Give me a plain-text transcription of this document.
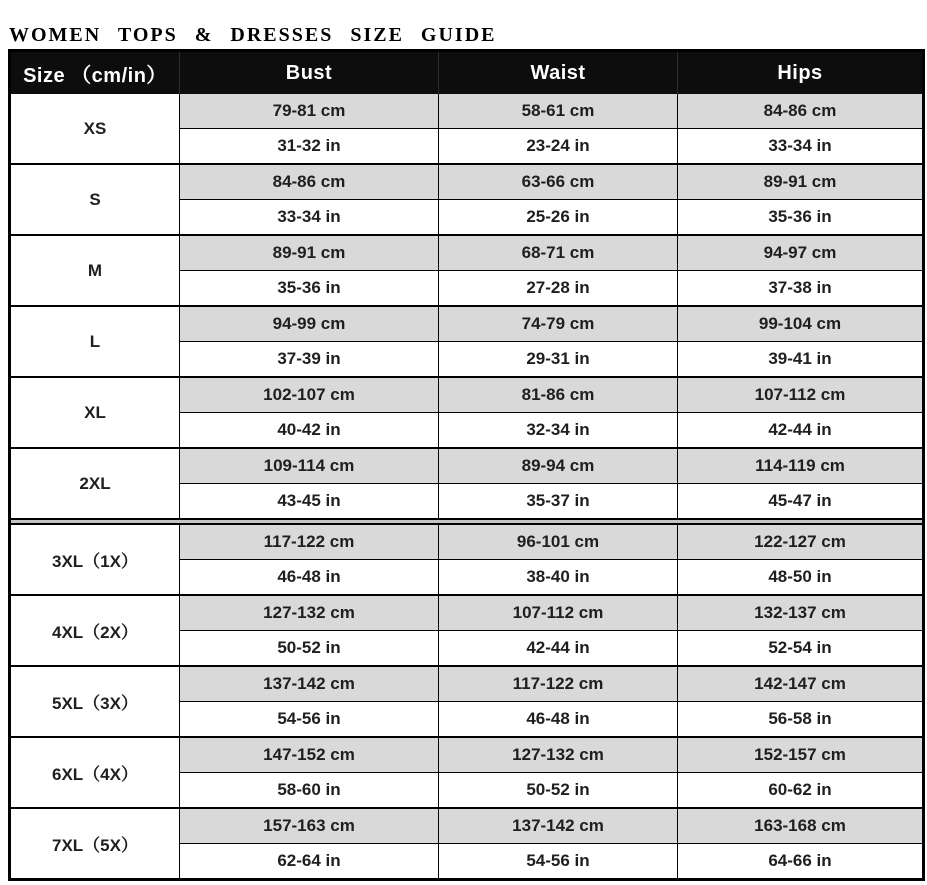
WOMEN TOPS & DRESSES SIZE GUIDE
Size （cm/in）	Bust	Waist	Hips
XS	79-81 cm	58-61 cm	84-86 cm
	31-32 in	23-24 in	33-34 in
S	84-86 cm	63-66 cm	89-91 cm
	33-34 in	25-26 in	35-36 in
M	89-91 cm	68-71 cm	94-97 cm
	35-36 in	27-28 in	37-38 in
L	94-99 cm	74-79 cm	99-104 cm
	37-39 in	29-31 in	39-41 in
XL	102-107 cm	81-86 cm	107-112 cm
	40-42 in	32-34 in	42-44 in
2XL	109-114 cm	89-94 cm	114-119 cm
	43-45 in	35-37 in	45-47 in

3XL（1X）	117-122 cm	96-101 cm	122-127 cm
	46-48 in	38-40 in	48-50 in
4XL（2X）	127-132 cm	107-112 cm	132-137 cm
	50-52 in	42-44 in	52-54 in
5XL（3X）	137-142 cm	117-122 cm	142-147 cm
	54-56 in	46-48 in	56-58 in
6XL（4X）	147-152 cm	127-132 cm	152-157 cm
	58-60 in	50-52 in	60-62 in
7XL（5X）	157-163 cm	137-142 cm	163-168 cm
	62-64 in	54-56 in	64-66 in
